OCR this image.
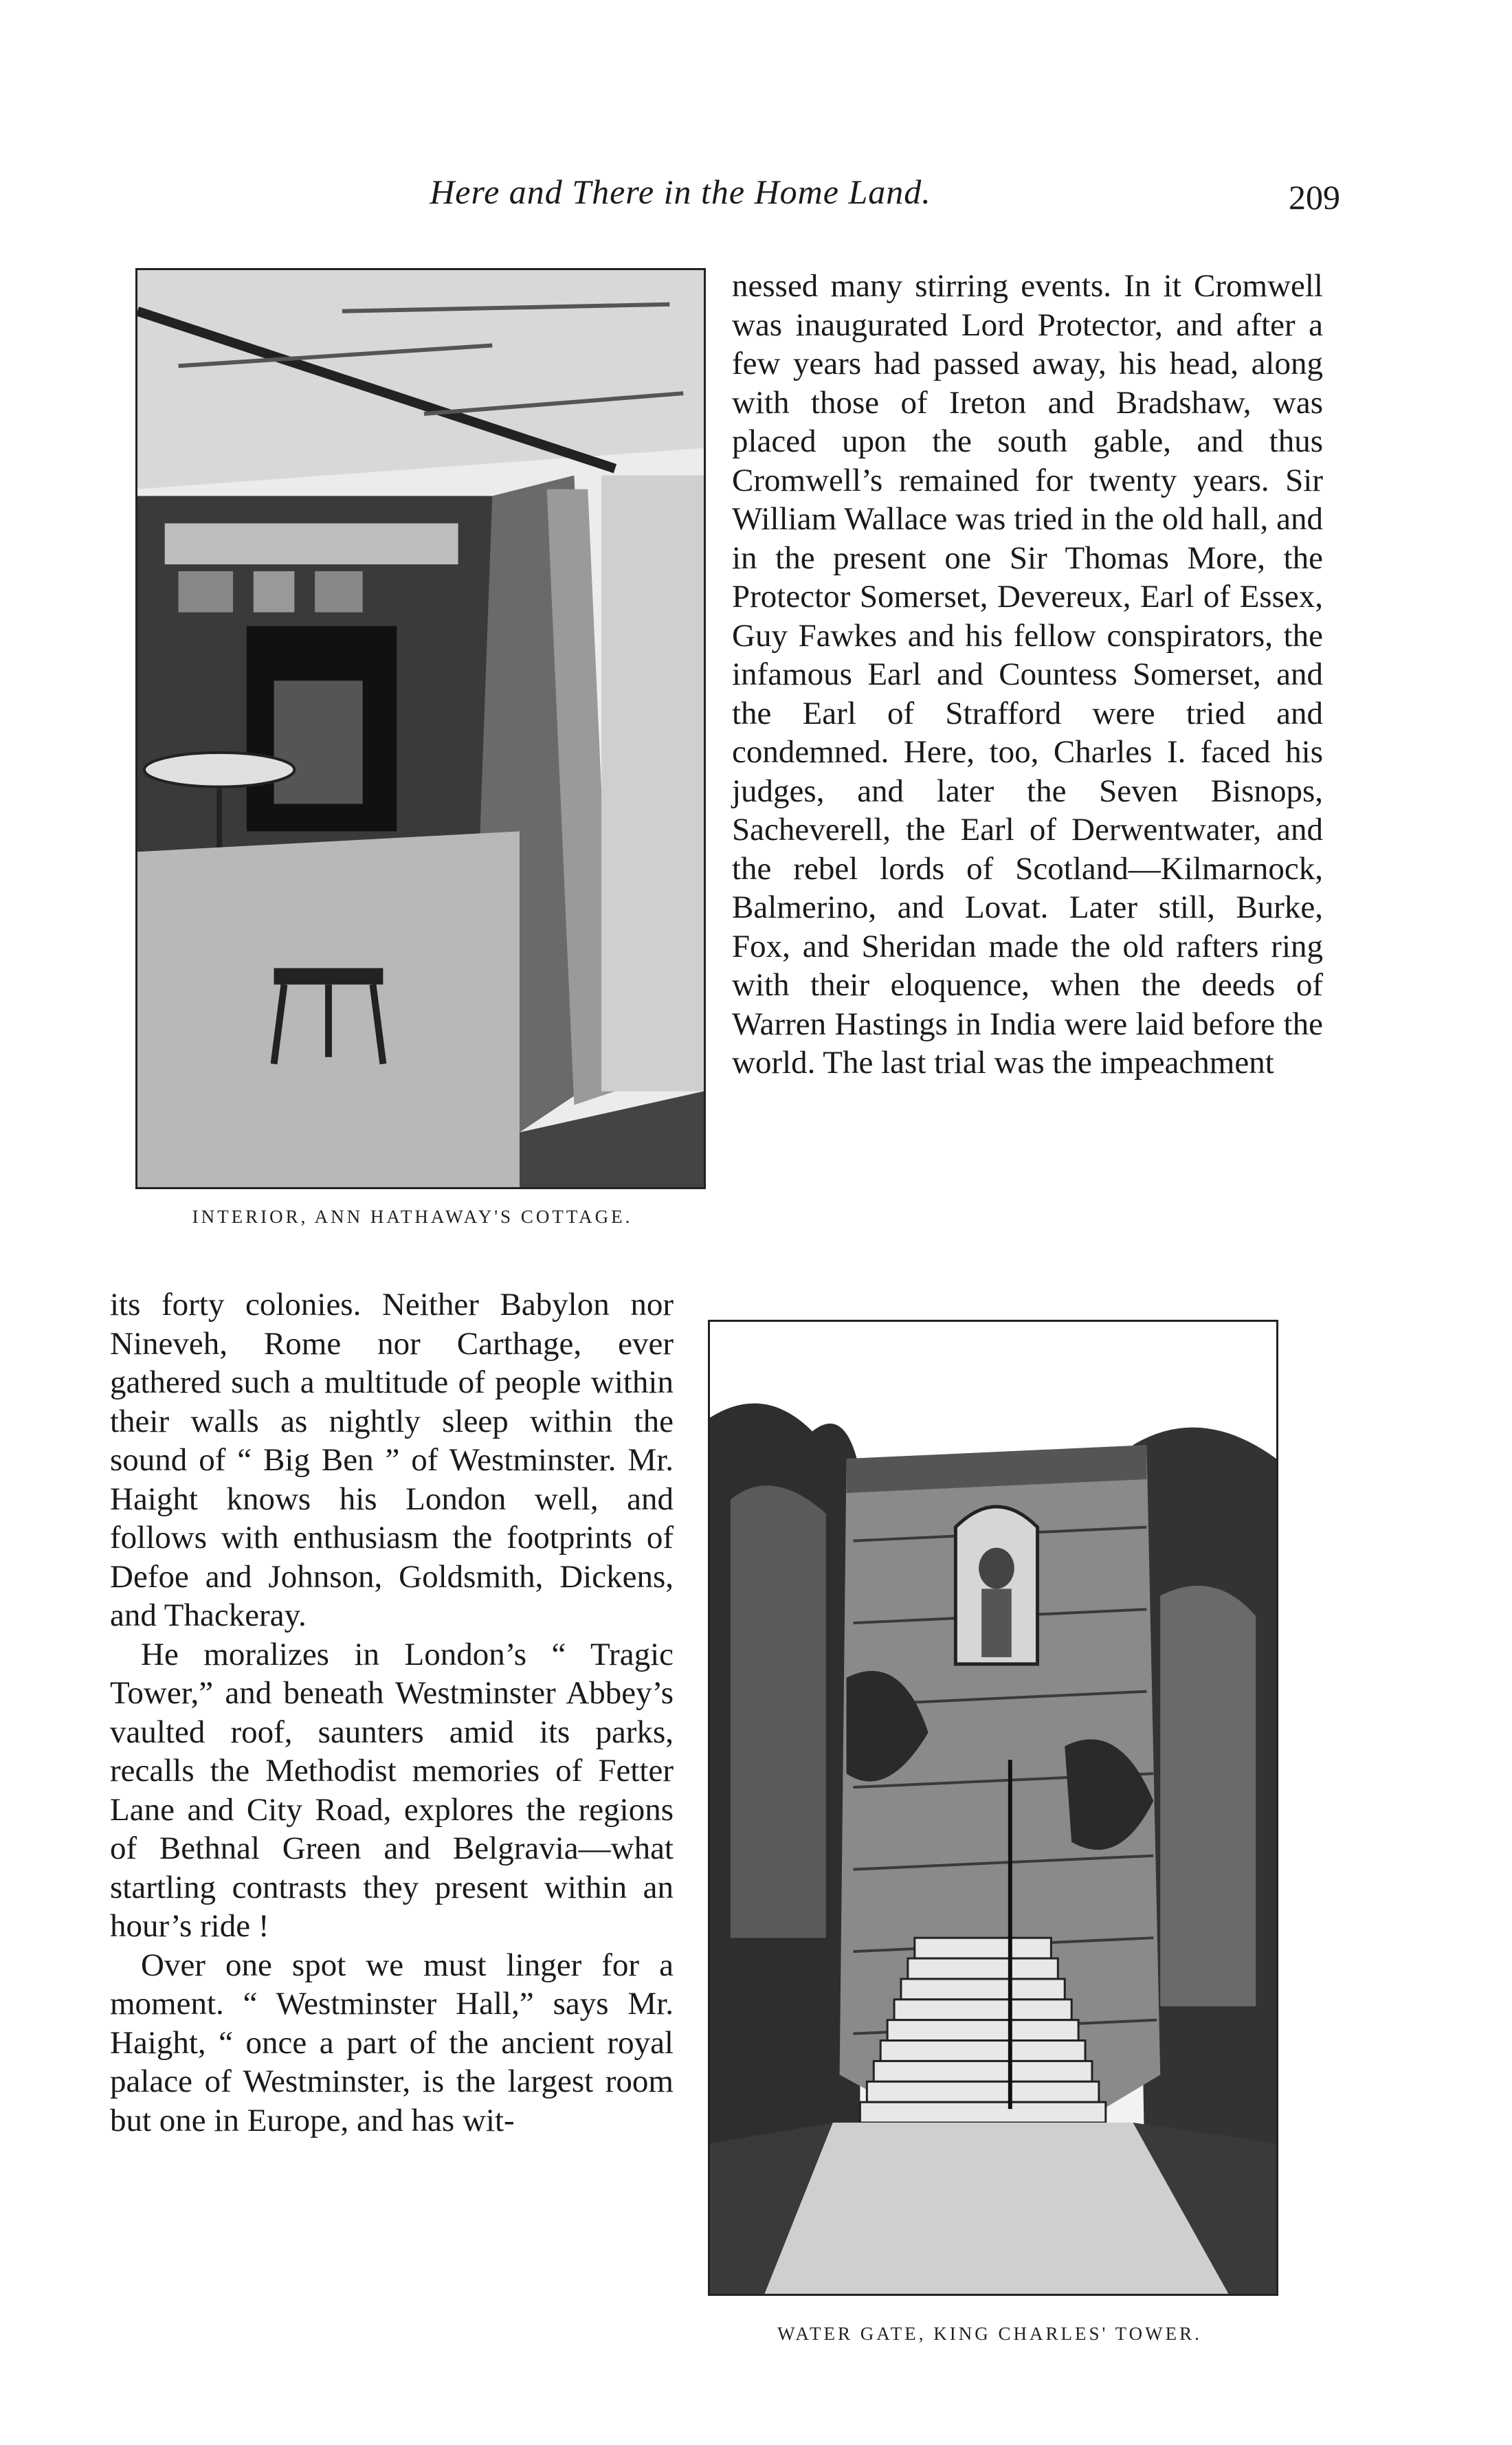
Here and There in the Home Land.	209
INTERIOR, ANN HATHAWAY'S COTTAGE.

nessed many stirring events. In it Cromwell was inaugurated Lord Protector, and after a few years had passed away, his head, along with those of Ireton and Bradshaw, was placed upon the south gable, and thus Cromwell’s remained for twenty years. Sir William Wallace was tried in the old hall, and in the present one Sir Thomas More, the Protector Somerset, Devereux, Earl of Essex, Guy Fawkes and his fellow conspirators, the infamous Earl and Countess Somerset, and the Earl of Strafford were tried and condemned. Here, too, Charles I. faced his judges, and later the Seven Bisnops, Sacheverell, the Earl of Derwentwater, and the rebel lords of Scotland—Kilmarnock, Balmerino, and Lovat. Later still, Burke, Fox, and Sheridan made the old rafters ring with their eloquence, when the deeds of Warren Hastings in India were laid before the world. The last trial was the impeachment

its forty colonies. Neither Babylon nor Nineveh, Rome nor Carthage, ever gathered such a multitude of people within their walls as nightly sleep within the sound of “ Big Ben ” of Westminster. Mr. Haight knows his London well, and follows with enthusiasm the footprints of Defoe and Johnson, Goldsmith, Dickens, and Thackeray.

He moralizes in London’s “ Tragic Tower,” and beneath Westminster Abbey’s vaulted roof, saunters amid its parks, recalls the Methodist memories of Fetter Lane and City Road, explores the regions of Bethnal Green and Belgravia—what startling contrasts they present within an hour’s ride !

Over one spot we must linger for a moment. “ Westminster Hall,” says Mr. Haight, “ once a part of the ancient royal palace of Westminster, is the largest room but one in Europe, and has wit-

WATER GATE, KING CHARLES' TOWER.
